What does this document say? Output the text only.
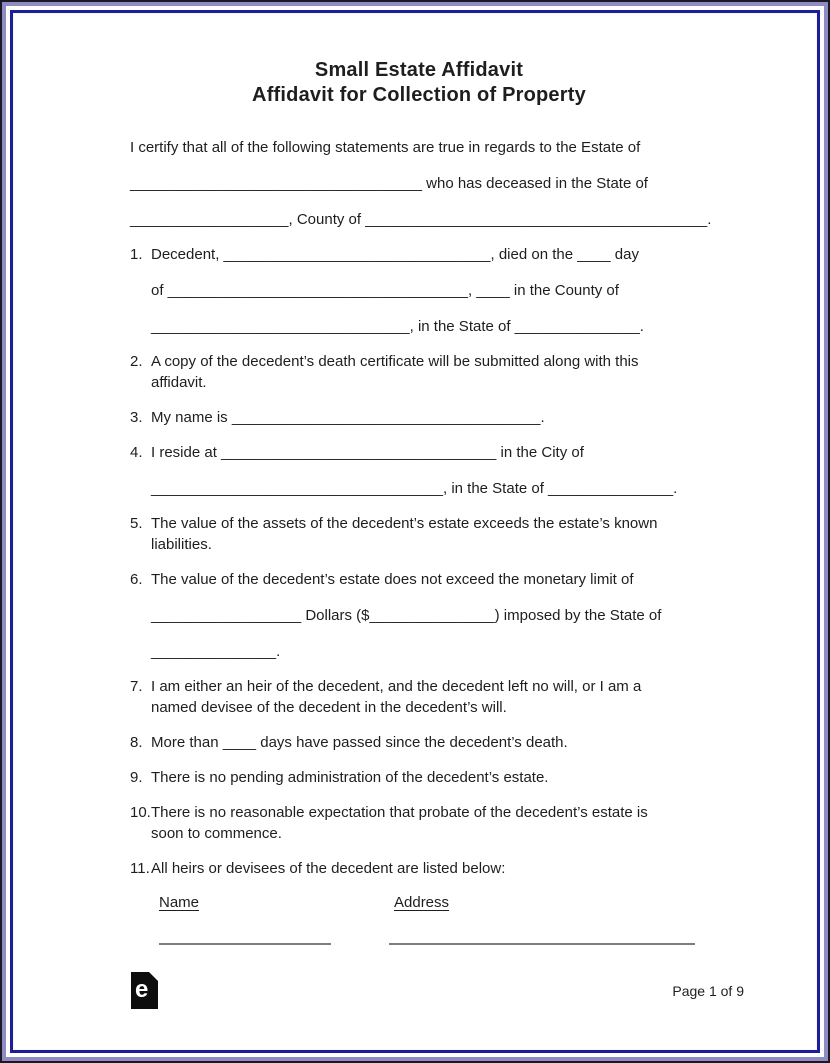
Small Estate Affidavit
Affidavit for Collection of Property
I certify that all of the following statements are true in regards to the Estate of
___________________________________ who has deceased in the State of
___________________, County of _________________________________________.
1. Decedent, ________________________________, died on the ____ day
of ____________________________________, ____ in the County of
_______________________________, in the State of _______________.
2. A copy of the decedent’s death certificate will be submitted along with this
affidavit.
3. My name is _____________________________________.
4. I reside at _________________________________ in the City of
___________________________________, in the State of _______________.
5. The value of the assets of the decedent’s estate exceeds the estate’s known
liabilities.
6. The value of the decedent’s estate does not exceed the monetary limit of
__________________ Dollars ($_______________) imposed by the State of
_______________.
7. I am either an heir of the decedent, and the decedent left no will, or I am a
named devisee of the decedent in the decedent’s will.
8. More than ____ days have passed since the decedent’s death.
9. There is no pending administration of the decedent’s estate.
10. There is no reasonable expectation that probate of the decedent’s estate is
soon to commence.
11. All heirs or devisees of the decedent are listed below:
Name	Address
e	Page 1 of 9
